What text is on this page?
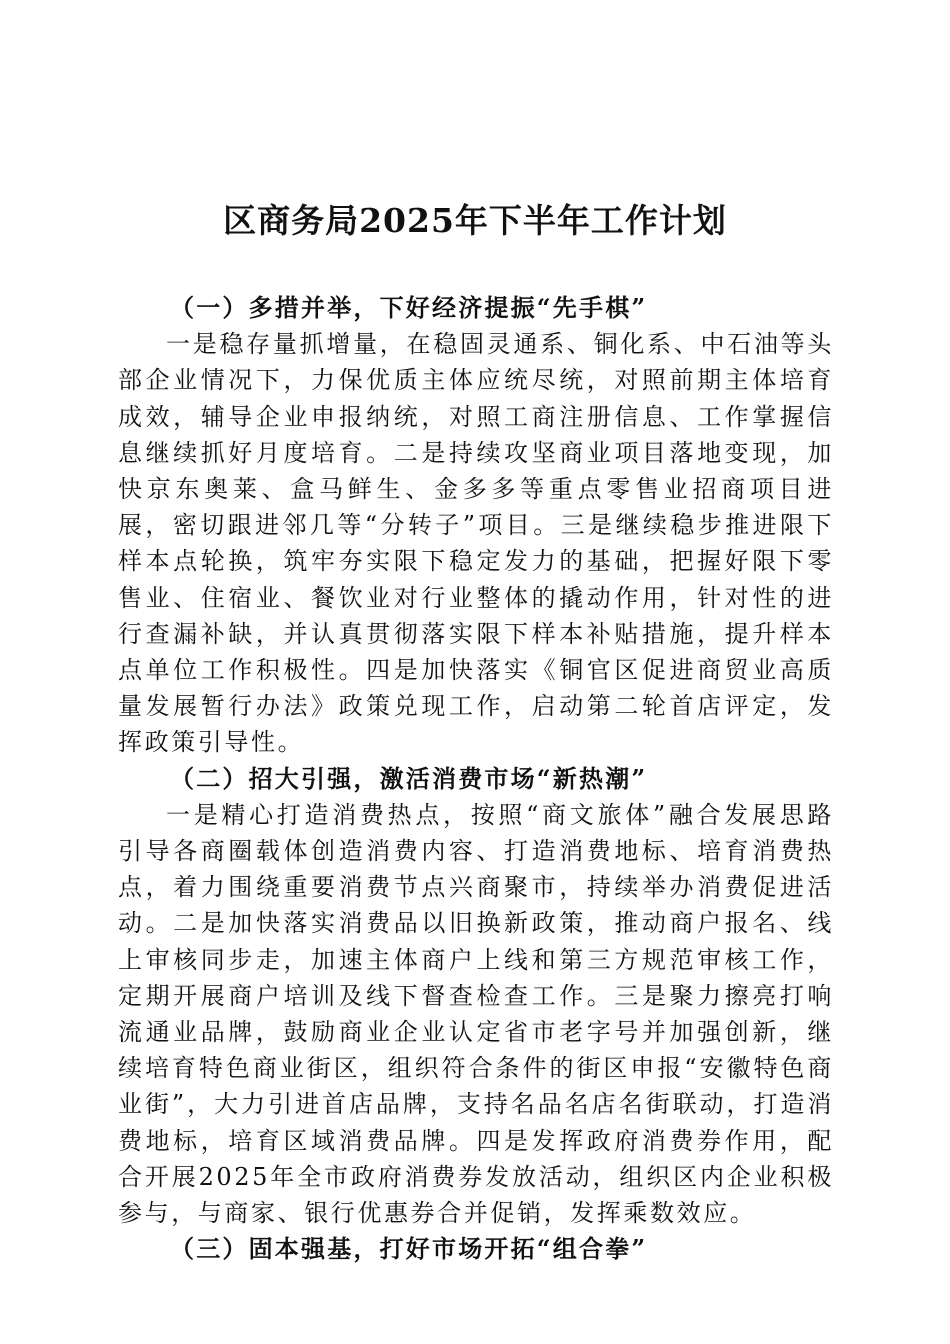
区商务局2025年下半年工作计划

（一）多措并举，下好经济提振“先手棋”

一是稳存量抓增量，在稳固灵通系、铜化系、中石油等头部企业情况下，力保优质主体应统尽统，对照前期主体培育成效，辅导企业申报纳统，对照工商注册信息、工作掌握信息继续抓好月度培育。二是持续攻坚商业项目落地变现，加快京东奥莱、盒马鲜生、金多多等重点零售业招商项目进展，密切跟进邻几等“分转子”项目。三是继续稳步推进限下样本点轮换，筑牢夯实限下稳定发力的基础，把握好限下零售业、住宿业、餐饮业对行业整体的撬动作用，针对性的进行查漏补缺，并认真贯彻落实限下样本补贴措施，提升样本点单位工作积极性。四是加快落实《铜官区促进商贸业高质量发展暂行办法》政策兑现工作，启动第二轮首店评定，发挥政策引导性。

（二）招大引强，激活消费市场“新热潮”

一是精心打造消费热点，按照“商文旅体”融合发展思路引导各商圈载体创造消费内容、打造消费地标、培育消费热点，着力围绕重要消费节点兴商聚市，持续举办消费促进活动。二是加快落实消费品以旧换新政策，推动商户报名、线上审核同步走，加速主体商户上线和第三方规范审核工作，定期开展商户培训及线下督查检查工作。三是聚力擦亮打响流通业品牌，鼓励商业企业认定省市老字号并加强创新，继续培育特色商业街区，组织符合条件的街区申报“安徽特色商业街”，大力引进首店品牌，支持名品名店名街联动，打造消费地标，培育区域消费品牌。四是发挥政府消费券作用，配合开展2025年全市政府消费券发放活动，组织区内企业积极参与，与商家、银行优惠券合并促销，发挥乘数效应。

（三）固本强基，打好市场开拓“组合拳”
